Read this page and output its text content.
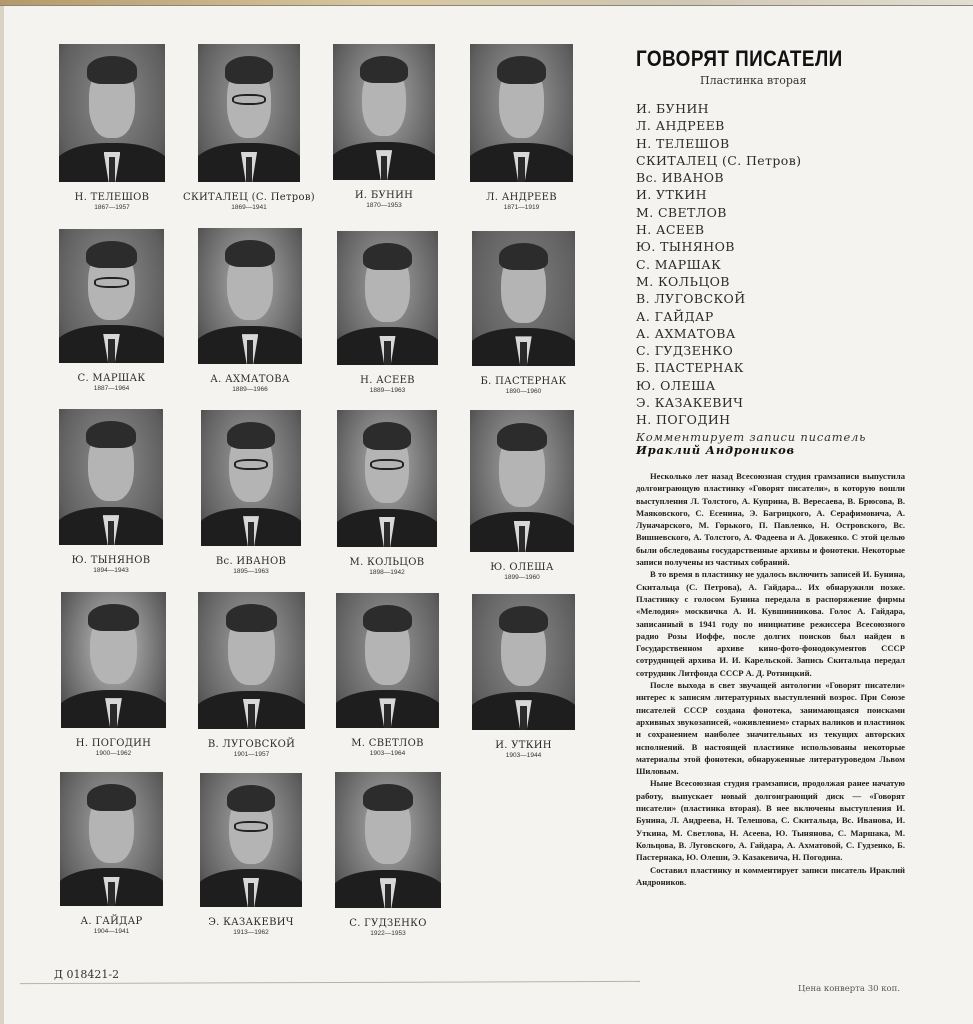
Н. ТЕЛЕШОВ
1867—1957
СКИТАЛЕЦ (С. Петров)
1869—1941
И. БУНИН
1870—1953
Л. АНДРЕЕВ
1871—1919
С. МАРШАК
1887—1964
А. АХМАТОВА
1889—1966
Н. АСЕЕВ
1889—1963
Б. ПАСТЕРНАК
1890—1960
Ю. ТЫНЯНОВ
1894—1943
Вс. ИВАНОВ
1895—1963
М. КОЛЬЦОВ
1898—1942	Ю. ОЛЕША
1899—1960
Н. ПОГОДИН
1900—1962
В. ЛУГОВСКОЙ
1901—1957
М. СВЕТЛОВ
1903—1964
И. УТКИН
1903—1944
А. ГАЙДАР
1904—1941
Э. КАЗАКЕВИЧ
1913—1962
С. ГУДЗЕНКО
1922—1953
ГОВОРЯТ ПИСАТЕЛИ
Пластинка вторая
И. БУНИН
Л. АНДРЕЕВ
Н. ТЕЛЕШОВ
СКИТАЛЕЦ (С. Петров)
Вс. ИВАНОВ
И. УТКИН
М. СВЕТЛОВ
Н. АСЕЕВ
Ю. ТЫНЯНОВ
С. МАРШАК
М. КОЛЬЦОВ
В. ЛУГОВСКОЙ
А. ГАЙДАР
А. АХМАТОВА
С. ГУДЗЕНКО
Б. ПАСТЕРНАК
Ю. ОЛЕША
Э. КАЗАКЕВИЧ
Н. ПОГОДИН
Комментирует записи писатель
Ираклий Андроников

Несколько лет назад Всесоюзная студия грамзаписи выпустила долгоиграющую пластинку «Говорят писатели», в которую вошли выступления Л. Толстого, А. Куприна, В. Вересаева, В. Брюсова, В. Маяковского, С. Есенина, Э. Багрицкого, А. Серафимовича, А. Луначарского, М. Горького, П. Павленко, Н. Островского, Вс. Вишневского, А. Толстого, А. Фадеева и А. Довженко. С этой целью были обследованы государственные архивы и фонотеки. Некоторые записи получены из частных собраний.

В то время в пластинку не удалось включить записей И. Бунина, Скитальца (С. Петрова), А. Гайдара... Их обнаружили позже. Пластинку с голосом Бунина передала в распоряжение фирмы «Мелодия» москвичка А. И. Кувшинникова. Голос А. Гайдара, записанный в 1941 году по инициативе режиссера Всесоюзного радио Розы Иоффе, после долгих поисков был найден в Государственном архиве кино-фото-фонодокументов СССР сотрудницей архива И. И. Карельской. Запись Скитальца передал сотрудник Литфонда СССР А. Д. Ротницкий.

После выхода в свет звучащей антологии «Говорят писатели» интерес к записям литературных выступлений возрос. При Союзе писателей СССР создана фонотека, занимающаяся поисками архивных звукозаписей, «оживлением» старых валиков и пластинок и сохранением наиболее значительных из текущих авторских исполнений. В настоящей пластинке использованы некоторые материалы этой фонотеки, обнаруженные литературоведом Львом Шиловым.

Ныне Всесоюзная студия грамзаписи, продолжая ранее начатую работу, выпускает новый долгоиграющий диск — «Говорят писатели» (пластинка вторая). В нее включены выступления И. Бунина, Л. Андреева, Н. Телешова, С. Скитальца, Вс. Иванова, И. Уткина, М. Светлова, Н. Асеева, Ю. Тынянова, С. Маршака, М. Кольцова, В. Луговского, А. Гайдара, А. Ахматовой, С. Гудзенко, Б. Пастернака, Ю. Олеши, Э. Казакевича, Н. Погодина.

Составил пластинку и комментирует записи писатель Ираклий Андроников.

Д 018421-2
Цена конверта 30 коп.
